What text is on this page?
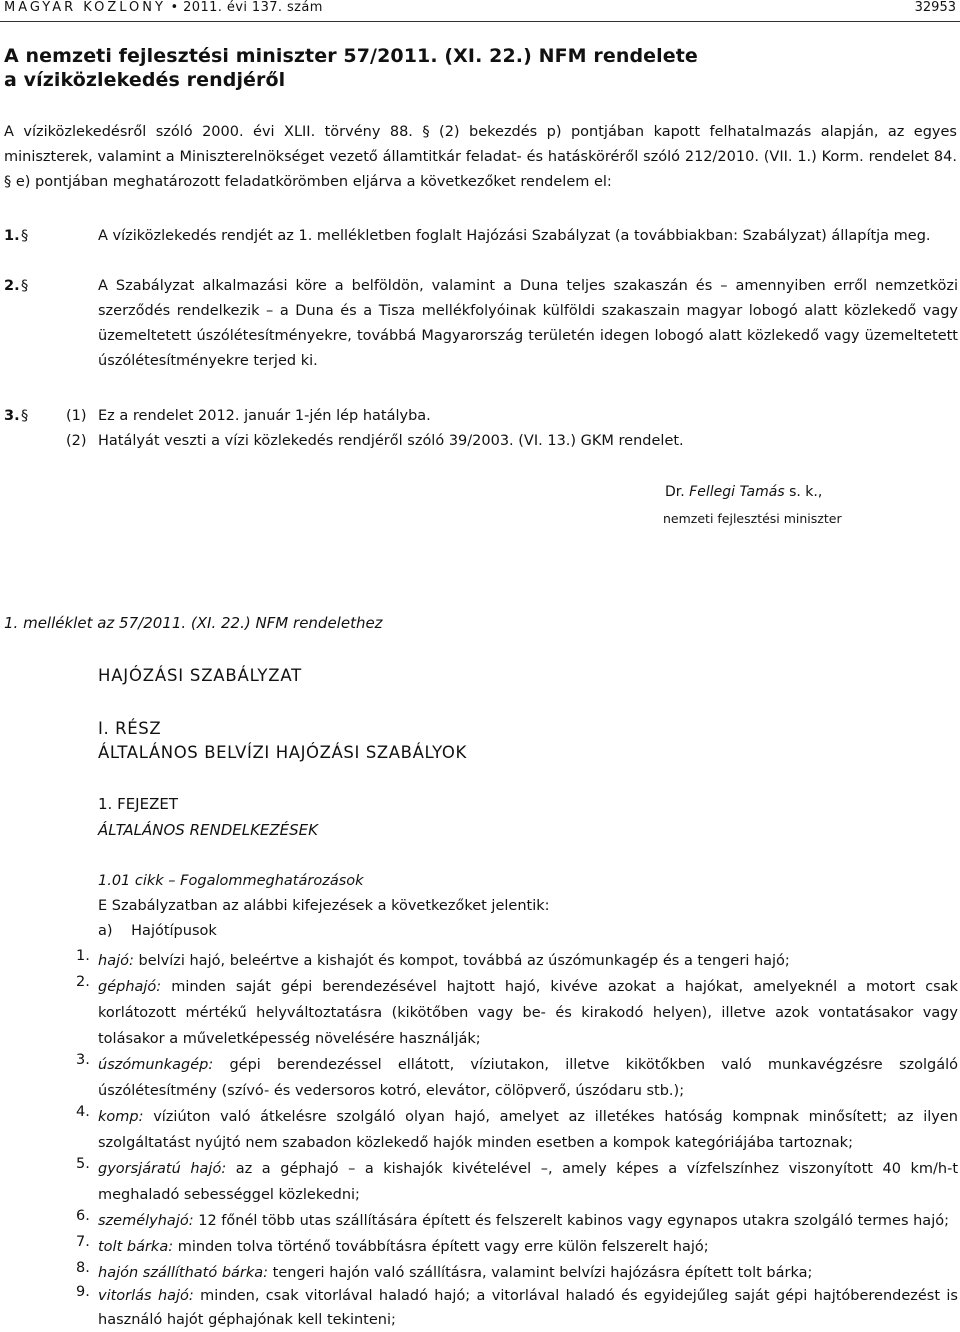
MAGYAR KÖZLÖNY • 2011. évi 137. szám	32953
A nemzeti fejlesztési miniszter 57/2011. (XI. 22.) NFM rendelete
a víziközlekedés rendjéről
A víziközlekedésről szóló 2000. évi XLII. törvény 88. § (2) bekezdés p) pontjában kapott felhatalmazás alapján, az egyes miniszterek, valamint a Miniszterelnökséget vezető államtitkár feladat- és hatásköréről szóló 212/2010. (VII. 1.) Korm. rendelet 84. § e) pontjában meghatározott feladatkörömben eljárva a következőket rendelem el:
1. §	A víziközlekedés rendjét az 1. mellékletben foglalt Hajózási Szabályzat (a továbbiakban: Szabályzat) állapítja meg.
2. §	A Szabályzat alkalmazási köre a belföldön, valamint a Duna teljes szakaszán és – amennyiben erről nemzetközi szerződés rendelkezik – a Duna és a Tisza mellékfolyóinak külföldi szakaszain magyar lobogó alatt közlekedő vagy üzemeltetett úszólétesítményekre, továbbá Magyarország területén idegen lobogó alatt közlekedő vagy üzemeltetett úszólétesítményekre terjed ki.
3. §	(1) Ez a rendelet 2012. január 1-jén lép hatályba.
(2) Hatályát veszti a vízi közlekedés rendjéről szóló 39/2003. (VI. 13.) GKM rendelet.
Dr. Fellegi Tamás s. k.,
nemzeti fejlesztési miniszter
1. melléklet az 57/2011. (XI. 22.) NFM rendelethez
HAJÓZÁSI SZABÁLYZAT
I. RÉSZ
ÁLTALÁNOS BELVÍZI HAJÓZÁSI SZABÁLYOK
1. FEJEZET
ÁLTALÁNOS RENDELKEZÉSEK
1.01 cikk – Fogalommeghatározások
E Szabályzatban az alábbi kifejezések a következőket jelentik:
a) Hajótípusok
1. hajó: belvízi hajó, beleértve a kishajót és kompot, továbbá az úszómunkagép és a tengeri hajó;
2. géphajó: minden saját gépi berendezésével hajtott hajó, kivéve azokat a hajókat, amelyeknél a motort csak korlátozott mértékű helyváltoztatásra (kikötőben vagy be- és kirakodó helyen), illetve azok vontatásakor vagy tolásakor a műveletképesség növelésére használják;
3. úszómunkagép: gépi berendezéssel ellátott, víziutakon, illetve kikötőkben való munkavégzésre szolgáló úszólétesítmény (szívó- és vedersoros kotró, elevátor, cölöpverő, úszódaru stb.);
4. komp: víziúton való átkelésre szolgáló olyan hajó, amelyet az illetékes hatóság kompnak minősített; az ilyen szolgáltatást nyújtó nem szabadon közlekedő hajók minden esetben a kompok kategóriájába tartoznak;
5. gyorsjáratú hajó: az a géphajó – a kishajók kivételével –, amely képes a vízfelszínhez viszonyított 40 km/h-t meghaladó sebességgel közlekedni;
6. személyhajó: 12 főnél több utas szállítására épített és felszerelt kabinos vagy egynapos utakra szolgáló termes hajó;
7. tolt bárka: minden tolva történő továbbításra épített vagy erre külön felszerelt hajó;
8. hajón szállítható bárka: tengeri hajón való szállításra, valamint belvízi hajózásra épített tolt bárka;
9. vitorlás hajó: minden, csak vitorlával haladó hajó; a vitorlával haladó és egyidejűleg saját gépi hajtóberendezést is használó hajót géphajónak kell tekinteni;
